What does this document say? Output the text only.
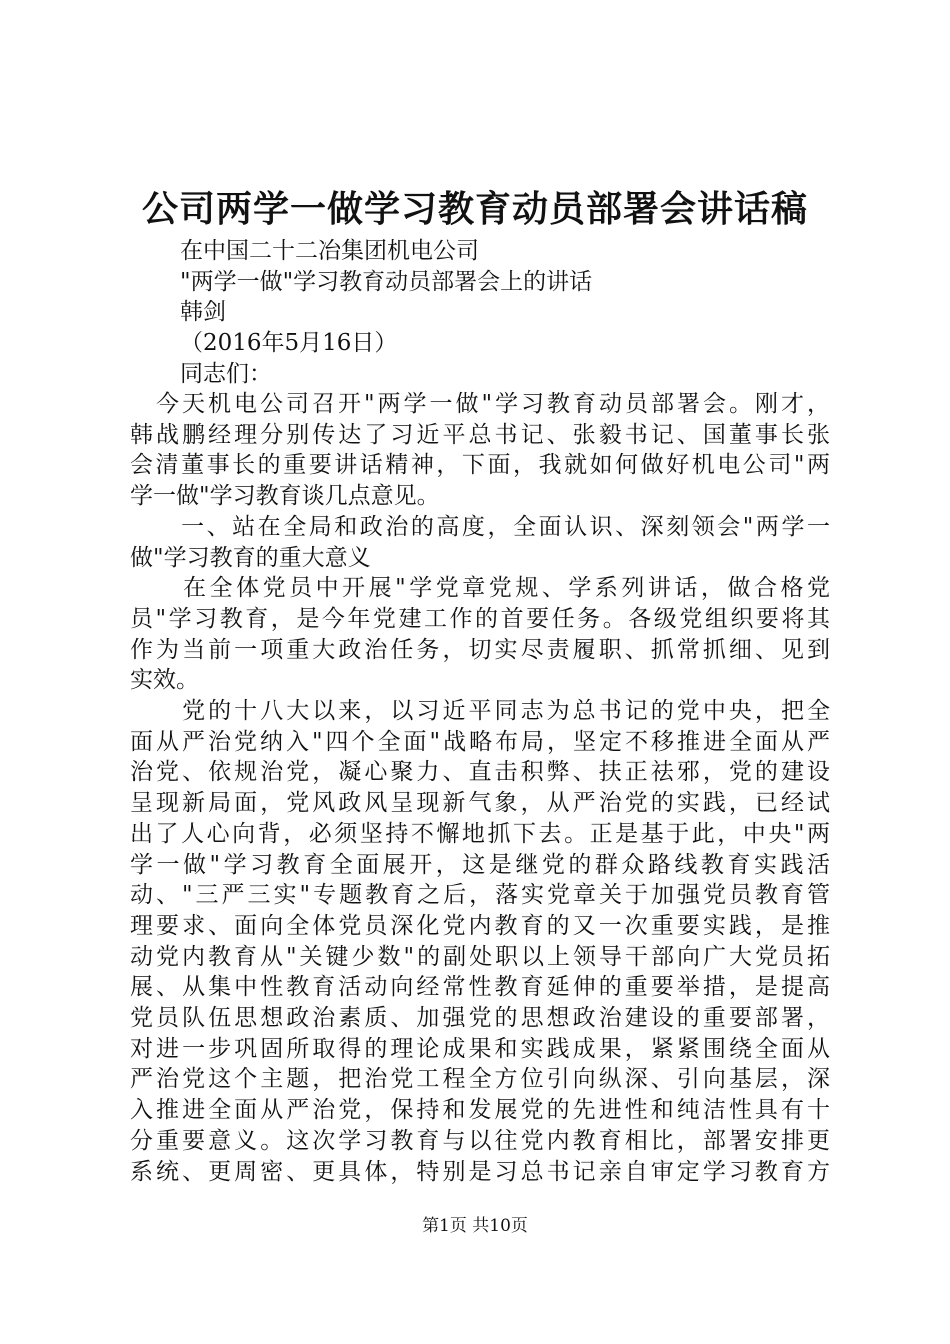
公司两学一做学习教育动员部署会讲话稿
在中国二十二冶集团机电公司
"两学一做"学习教育动员部署会上的讲话
韩剑
（2016年5月16日）
同志们：
　今天机电公司召开"两学一做"学习教育动员部署会。刚才，
韩战鹏经理分别传达了习近平总书记、张毅书记、国董事长张
会清董事长的重要讲话精神，下面，我就如何做好机电公司"两
学一做"学习教育谈几点意见。
　　一、站在全局和政治的高度，全面认识、深刻领会"两学一
做"学习教育的重大意义
　　在全体党员中开展"学党章党规、学系列讲话，做合格党
员"学习教育，是今年党建工作的首要任务。各级党组织要将其
作为当前一项重大政治任务，切实尽责履职、抓常抓细、见到
实效。
　　党的十八大以来，以习近平同志为总书记的党中央，把全
面从严治党纳入"四个全面"战略布局，坚定不移推进全面从严
治党、依规治党，凝心聚力、直击积弊、扶正祛邪，党的建设
呈现新局面，党风政风呈现新气象，从严治党的实践，已经试
出了人心向背，必须坚持不懈地抓下去。正是基于此，中央"两
学一做"学习教育全面展开，这是继党的群众路线教育实践活
动、"三严三实"专题教育之后，落实党章关于加强党员教育管
理要求、面向全体党员深化党内教育的又一次重要实践，是推
动党内教育从"关键少数"的副处职以上领导干部向广大党员拓
展、从集中性教育活动向经常性教育延伸的重要举措，是提高
党员队伍思想政治素质、加强党的思想政治建设的重要部署，
对进一步巩固所取得的理论成果和实践成果，紧紧围绕全面从
严治党这个主题，把治党工程全方位引向纵深、引向基层，深
入推进全面从严治党，保持和发展党的先进性和纯洁性具有十
分重要意义。这次学习教育与以往党内教育相比，部署安排更
系统、更周密、更具体，特别是习总书记亲自审定学习教育方
第1页 共10页
